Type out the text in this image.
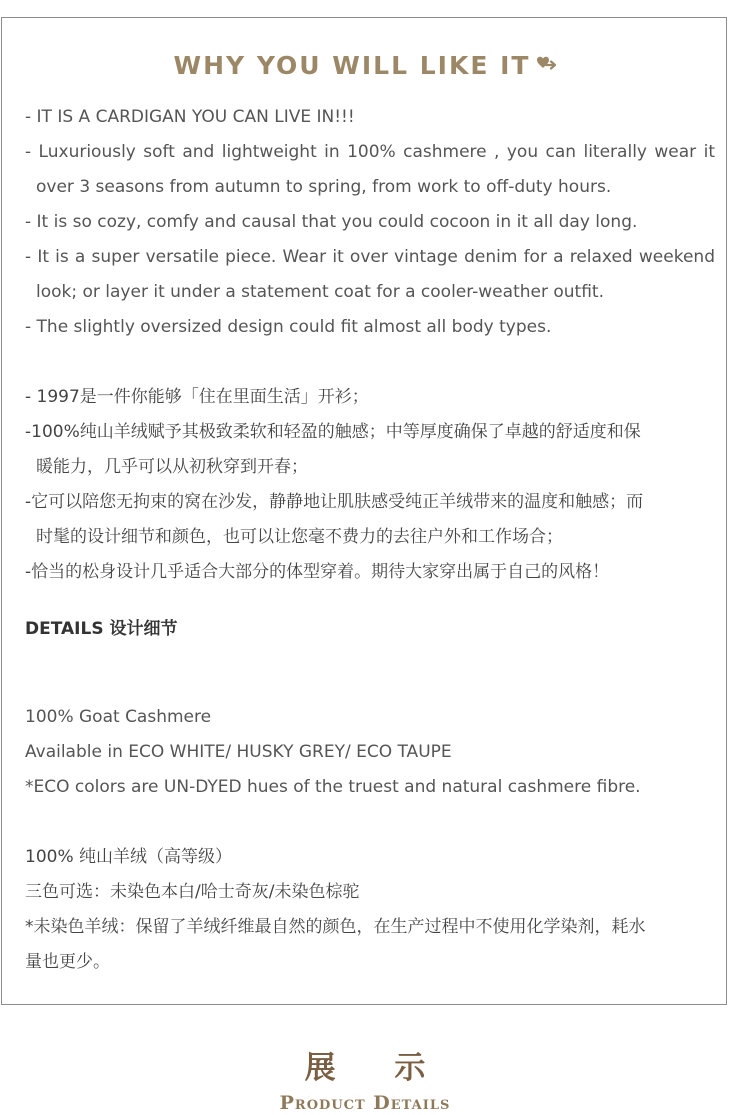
WHY YOU WILL LIKE IT
- IT IS A CARDIGAN YOU CAN LIVE IN!!!
- Luxuriously soft and lightweight in 100% cashmere , you can literally wear it
over 3 seasons from autumn to spring, from work to off-duty hours.
- It is so cozy, comfy and causal that you could cocoon in it all day long.
- It is a super versatile piece. Wear it over vintage denim for a relaxed weekend
look; or layer it under a statement coat for a cooler-weather outfit.
- The slightly oversized design could fit almost all body types.
- 1997是一件你能够「住在里面生活」开衫；
-100%纯山羊绒赋予其极致柔软和轻盈的触感；中等厚度确保了卓越的舒适度和保
暖能力，几乎可以从初秋穿到开春；
-它可以陪您无拘束的窝在沙发，静静地让肌肤感受纯正羊绒带来的温度和触感；而
时髦的设计细节和颜色，也可以让您毫不费力的去往户外和工作场合；
-恰当的松身设计几乎适合大部分的体型穿着。期待大家穿出属于自己的风格！
DETAILS 设计细节
100% Goat Cashmere
Available in ECO WHITE/ HUSKY GREY/ ECO TAUPE
*ECO colors are UN-DYED hues of the truest and natural cashmere fibre.
100% 纯山羊绒（高等级）
三色可选：未染色本白/哈士奇灰/未染色棕驼
*未染色羊绒：保留了羊绒纤维最自然的颜色，在生产过程中不使用化学染剂，耗水
量也更少。
展 示
Product Details
